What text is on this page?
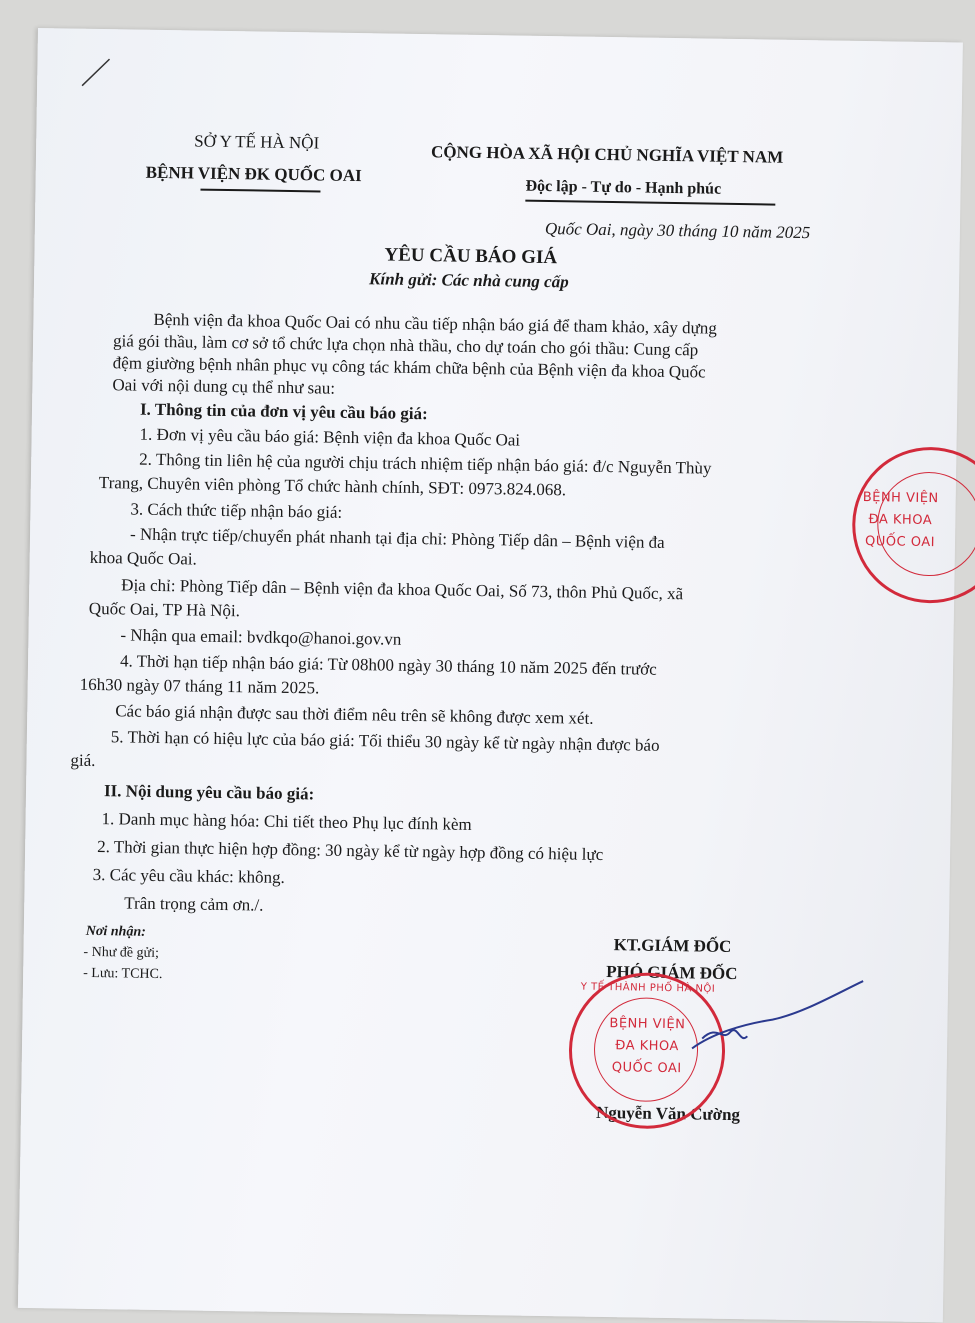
SỞ Y TẾ HÀ NỘI
BỆNH VIỆN ĐK QUỐC OAI
CỘNG HÒA XÃ HỘI CHỦ NGHĨA VIỆT NAM
Độc lập - Tự do - Hạnh phúc
Quốc Oai, ngày 30 tháng 10 năm 2025
YÊU CẦU BÁO GIÁ
Kính gửi: Các nhà cung cấp
Bệnh viện đa khoa Quốc Oai có nhu cầu tiếp nhận báo giá để tham khảo, xây dựng
giá gói thầu, làm cơ sở tổ chức lựa chọn nhà thầu, cho dự toán cho gói thầu: Cung cấp
đệm giường bệnh nhân phục vụ công tác khám chữa bệnh của Bệnh viện đa khoa Quốc
Oai với nội dung cụ thể như sau:
I. Thông tin của đơn vị yêu cầu báo giá:
1. Đơn vị yêu cầu báo giá: Bệnh viện đa khoa Quốc Oai
2. Thông tin liên hệ của người chịu trách nhiệm tiếp nhận báo giá: đ/c Nguyễn Thùy
Trang, Chuyên viên phòng Tổ chức hành chính, SĐT: 0973.824.068.
3. Cách thức tiếp nhận báo giá:
- Nhận trực tiếp/chuyển phát nhanh tại địa chỉ: Phòng Tiếp dân – Bệnh viện đa
khoa Quốc Oai.
Địa chỉ: Phòng Tiếp dân – Bệnh viện đa khoa Quốc Oai, Số 73, thôn Phủ Quốc, xã
Quốc Oai, TP Hà Nội.
- Nhận qua email: bvdkqo@hanoi.gov.vn
4. Thời hạn tiếp nhận báo giá: Từ 08h00 ngày 30 tháng 10 năm 2025 đến trước
16h30 ngày 07 tháng 11 năm 2025.
Các báo giá nhận được sau thời điểm nêu trên sẽ không được xem xét.
5. Thời hạn có hiệu lực của báo giá: Tối thiểu 30 ngày kể từ ngày nhận được báo
giá.
II. Nội dung yêu cầu báo giá:
1. Danh mục hàng hóa: Chi tiết theo Phụ lục đính kèm
2. Thời gian thực hiện hợp đồng: 30 ngày kể từ ngày hợp đồng có hiệu lực
3. Các yêu cầu khác: không.
Trân trọng cảm ơn./.
Nơi nhận:
- Như đề gửi;
- Lưu: TCHC.
KT.GIÁM ĐỐC
PHÓ GIÁM ĐỐC
Nguyễn Văn Cường
BỆNH VIỆN
ĐA KHOA
QUỐC OAI
Y TẾ THÀNH PHỐ HÀ NỘI
BỆNH VIỆN
ĐA KHOA
QUỐC OAI
